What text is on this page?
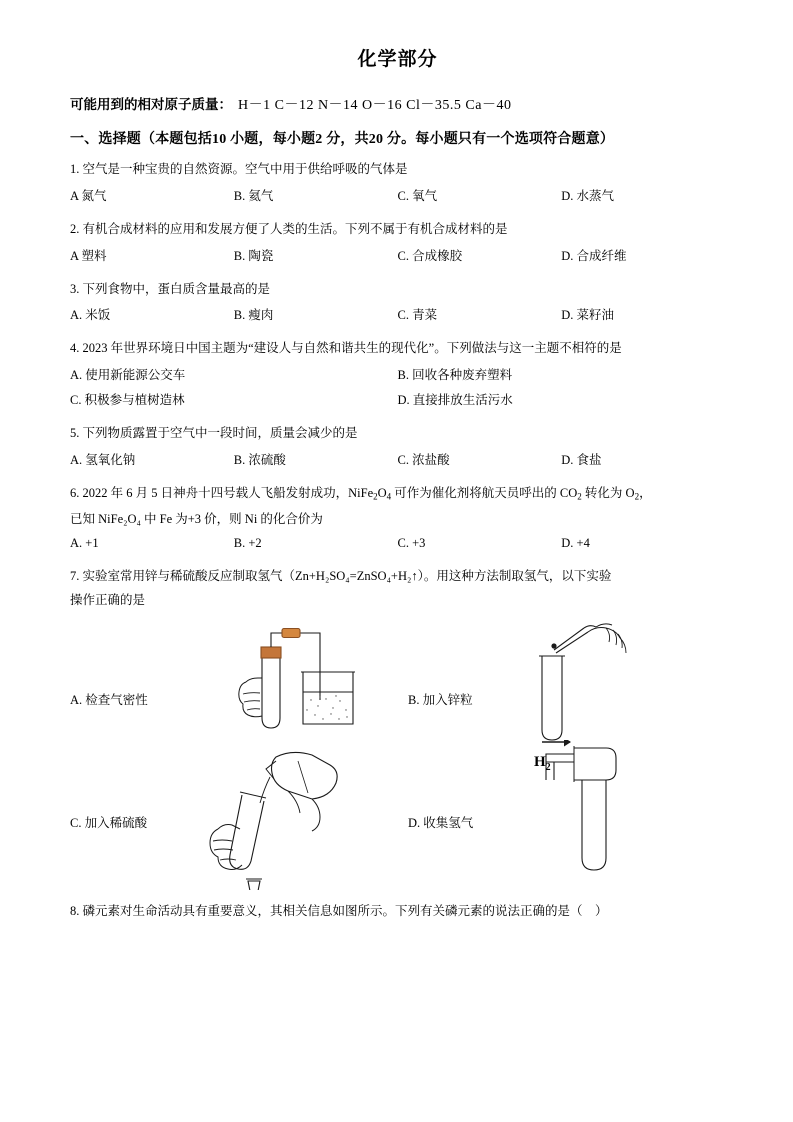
化学部分
可能用到的相对原子质量： H－1 C－12 N－14 O－16 Cl－35.5 Ca－40
一、选择题（本题包括10 小题，每小题2 分，共20 分。每小题只有一个选项符合题意）
1. 空气是一种宝贵的自然资源。空气中用于供给呼吸的气体是
A 氮气	B. 氦气	C. 氧气	D. 水蒸气
2. 有机合成材料的应用和发展方便了人类的生活。下列不属于有机合成材料的是
A 塑料	B. 陶瓷	C. 合成橡胶	D. 合成纤维
3. 下列食物中，蛋白质含量最高的是
A. 米饭	B. 瘦肉	C. 青菜	D. 菜籽油
4. 2023 年世界环境日中国主题为“建设人与自然和谐共生的现代化”。下列做法与这一主题不相符的是
A. 使用新能源公交车	B. 回收各种废弃塑料
C. 积极参与植树造林	D. 直接排放生活污水
5. 下列物质露置于空气中一段时间，质量会减少的是
A. 氢氧化钠	B. 浓硫酸	C. 浓盐酸	D. 食盐
6. 2022 年 6 月 5 日神舟十四号载人飞船发射成功，$NiFe_2O_4$ 可作为催化剂将航天员呼出的 $CO_2$ 转化为 $O_2$，
已知 NiFe₂O₄ 中 Fe 为+3 价，则 Ni 的化合价为
A. +1	B. +2	C. +3	D. +4
7. 实验室常用锌与稀硫酸反应制取氢气（Zn+H₂SO₄=ZnSO₄+H₂↑）。用这种方法制取氢气，以下实验
操作正确的是
A. 检查气密性	B. 加入锌粒
C. 加入稀硫酸	D. 收集氢气
$H_2$
8. 磷元素对生命活动具有重要意义，其相关信息如图所示。下列有关磷元素的说法正确的是（　）
